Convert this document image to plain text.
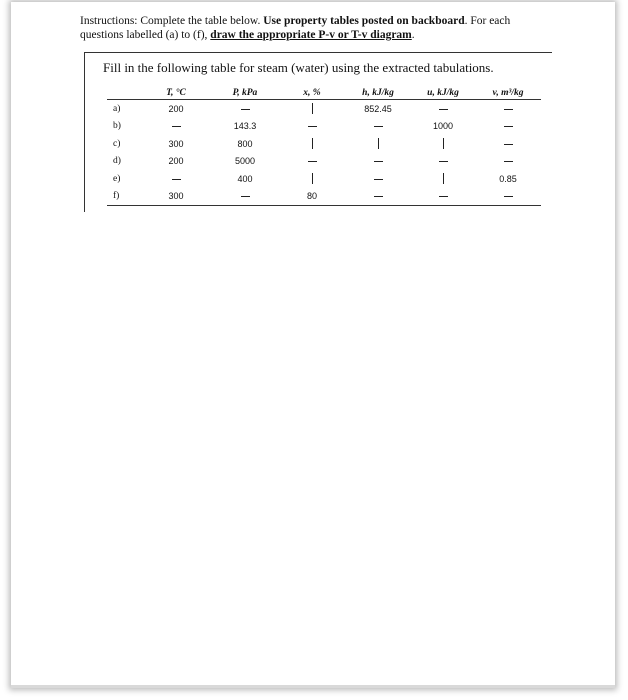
Instructions: Complete the table below. Use property tables posted on backboard. For each questions labelled (a) to (f), draw the appropriate P-v or T-v diagram.
Fill in the following table for steam (water) using the extracted tabulations.
	T, °C	P, kPa	x, %	h, kJ/kg	u, kJ/kg	v, m³/kg
a)	200			852.45		
b)		143.3			1000	
c)	300	800				
d)	200	5000				
e)		400				0.85
f)	300		80			
